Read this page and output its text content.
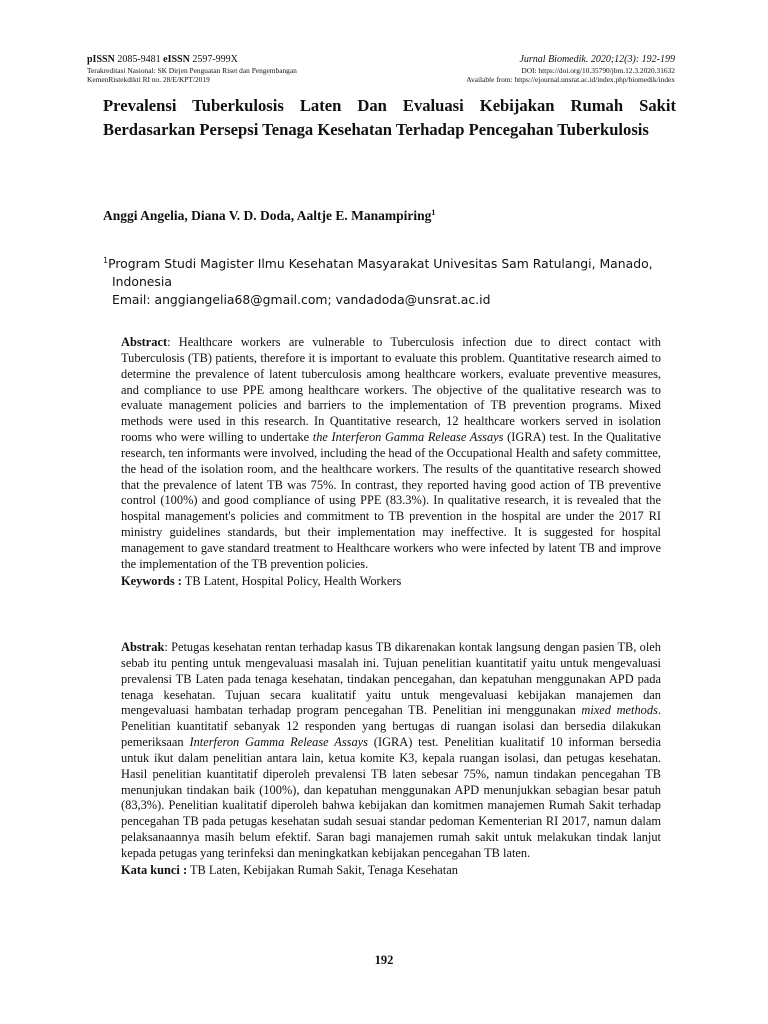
pISSN 2085-9481 eISSN 2597-999X
Terakreditasi Nasional: SK Dirjen Penguatan Riset dan Pengembangan
KemenRistekdikti RI no. 28/E/KPT/2019
Jurnal Biomedik. 2020;12(3): 192-199
DOI: https://doi.org/10.35790/jbm.12.3.2020.31632
Available from: https://ejournal.unsrat.ac.id/index.php/biomedik/index
Prevalensi Tuberkulosis Laten Dan Evaluasi Kebijakan Rumah Sakit Berdasarkan Persepsi Tenaga Kesehatan Terhadap Pencegahan Tuberkulosis
Anggi Angelia, Diana V. D. Doda, Aaltje E. Manampiring$^1$
$^1$Program Studi Magister Ilmu Kesehatan Masyarakat Univesitas Sam Ratulangi, Manado,
Indonesia
Email: anggiangelia68@gmail.com; vandadoda@unsrat.ac.id
Abstract: Healthcare workers are vulnerable to Tuberculosis infection due to direct contact with Tuberculosis (TB) patients, therefore it is important to evaluate this problem. Quantitative research aimed to determine the prevalence of latent tuberculosis among healthcare workers, evaluate preventive measures, and compliance to use PPE among healthcare workers. The objective of the qualitative research was to evaluate management policies and barriers to the implementation of TB prevention programs. Mixed methods were used in this research. In Quantitative research, 12 healthcare workers served in isolation rooms who were willing to undertake the Interferon Gamma Release Assays (IGRA) test. In the Qualitative research, ten informants were involved, including the head of the Occupational Health and safety committee, the head of the isolation room, and the healthcare workers. The results of the quantitative research showed that the prevalence of latent TB was 75%. In contrast, they reported having good action of TB preventive control (100%) and good compliance of using PPE (83.3%). In qualitative research, it is revealed that the hospital management's policies and commitment to TB prevention in the hospital are under the 2017 RI ministry guidelines standards, but their implementation may ineffective. It is suggested for hospital management to gave standard treatment to Healthcare workers who were infected by latent TB and improve the implementation of the TB prevention policies.
Keywords : TB Latent, Hospital Policy, Health Workers
Abstrak: Petugas kesehatan rentan terhadap kasus TB dikarenakan kontak langsung dengan pasien TB, oleh sebab itu penting untuk mengevaluasi masalah ini. Tujuan penelitian kuantitatif yaitu untuk mengevaluasi prevalensi TB Laten pada tenaga kesehatan, tindakan pencegahan, dan kepatuhan menggunakan APD pada tenaga kesehatan. Tujuan secara kualitatif yaitu untuk mengevaluasi kebijakan manajemen dan mengevaluasi hambatan terhadap program pencegahan TB. Penelitian ini menggunakan mixed methods. Penelitian kuantitatif sebanyak 12 responden yang bertugas di ruangan isolasi dan bersedia dilakukan pemeriksaan Interferon Gamma Release Assays (IGRA) test. Penelitian kualitatif 10 informan bersedia untuk ikut dalam penelitian antara lain, ketua komite K3, kepala ruangan isolasi, dan petugas kesehatan. Hasil penelitian kuantitatif diperoleh prevalensi TB laten sebesar 75%, namun tindakan pencegahan TB menunjukan tindakan baik (100%), dan kepatuhan menggunakan APD menunjukkan sebagian besar patuh (83,3%). Penelitian kualitatif diperoleh bahwa kebijakan dan komitmen manajemen Rumah Sakit terhadap pencegahan TB pada petugas kesehatan sudah sesuai standar pedoman Kementerian RI 2017, namun dalam pelaksanaannya masih belum efektif. Saran bagi manajemen rumah sakit untuk melakukan tindak lanjut kepada petugas yang terinfeksi dan meningkatkan kebijakan pencegahan TB laten.
Kata kunci : TB Laten, Kebijakan Rumah Sakit, Tenaga Kesehatan
192
